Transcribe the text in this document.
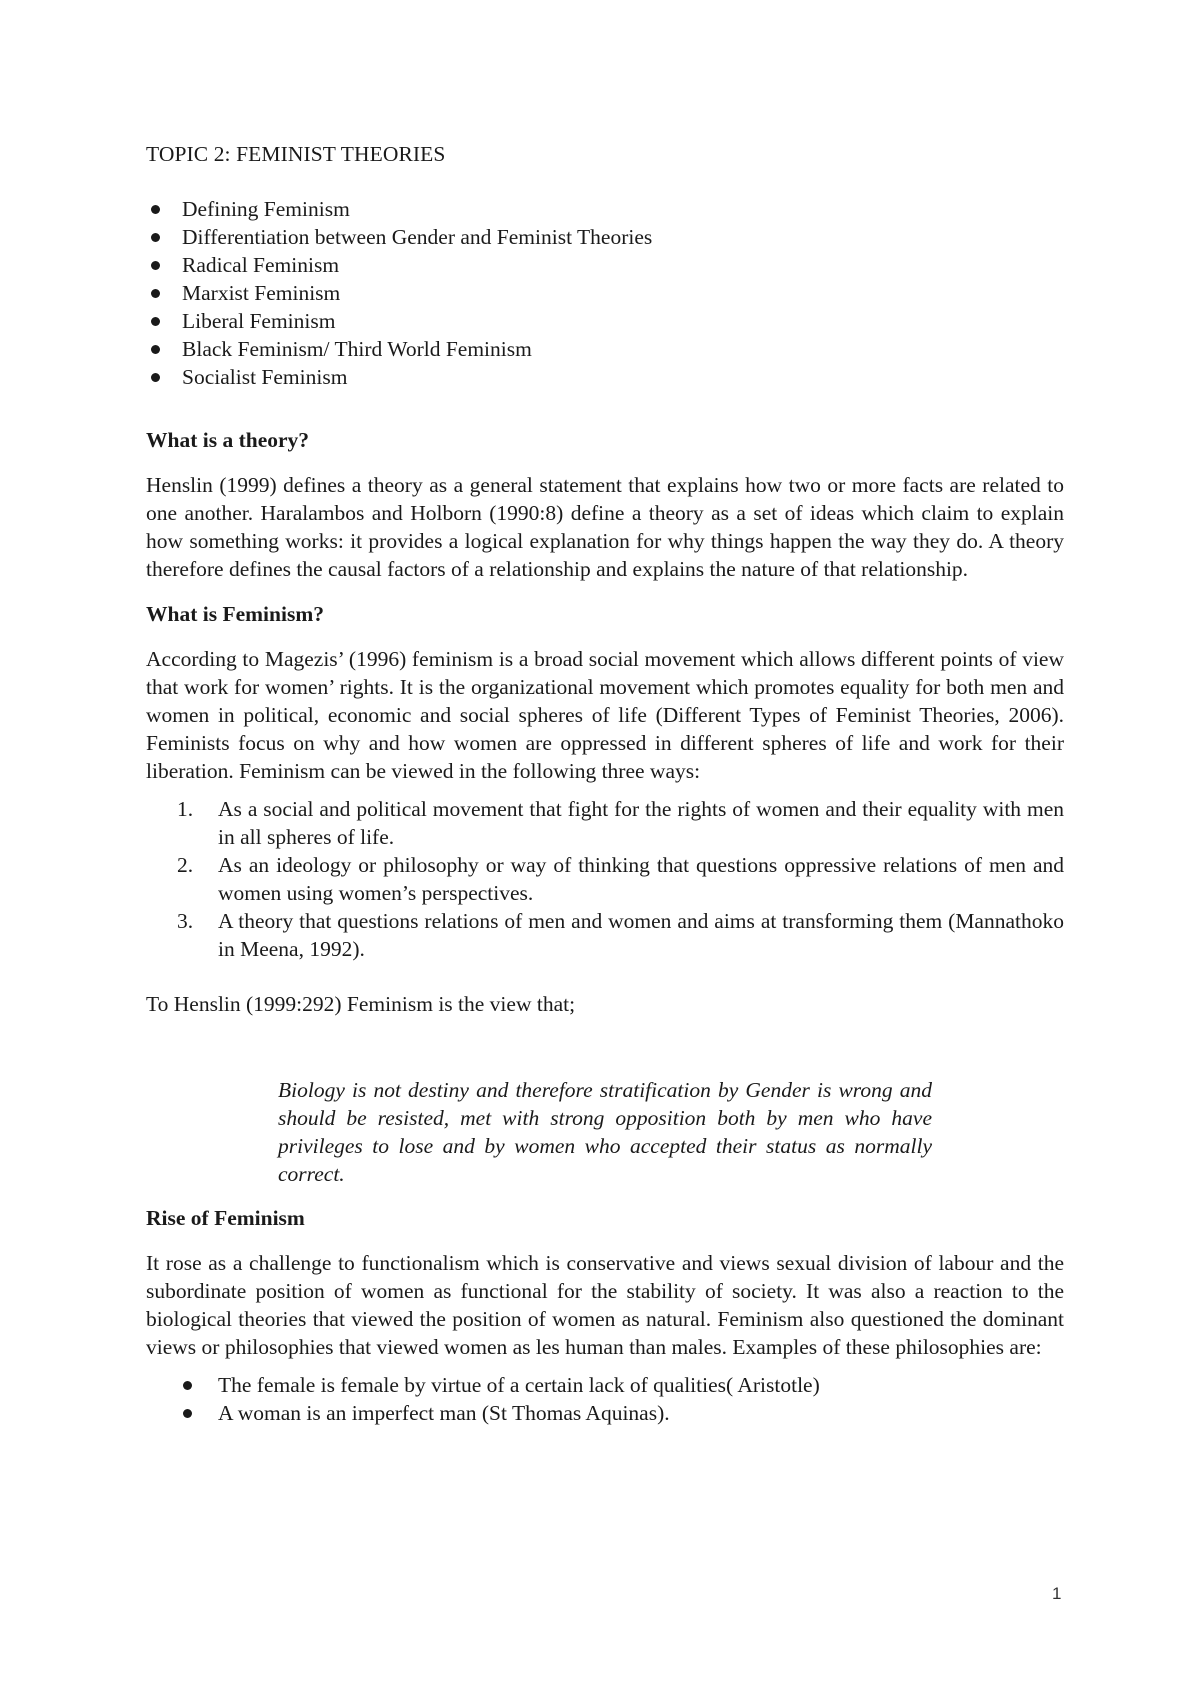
TOPIC 2: FEMINIST THEORIES
Defining Feminism
Differentiation between Gender and Feminist Theories
Radical Feminism
Marxist Feminism
Liberal Feminism
Black Feminism/ Third World Feminism
Socialist Feminism
What is a theory?

Henslin (1999) defines a theory as a general statement that explains how two or more facts are related to one another. Haralambos and Holborn (1990:8) define a theory as a set of ideas which claim to explain how something works: it provides a logical explanation for why things happen the way they do. A theory therefore defines the causal factors of a relationship and explains the nature of that relationship.

What is Feminism?

According to Magezis’ (1996) feminism is a broad social movement which allows different points of view that work for women’ rights. It is the organizational movement which promotes equality for both men and women in political, economic and social spheres of life (Different Types of Feminist Theories, 2006). Feminists focus on why and how women are oppressed in different spheres of life and work for their liberation. Feminism can be viewed in the following three ways:

1. As a social and political movement that fight for the rights of women and their equality with men in all spheres of life.
2. As an ideology or philosophy or way of thinking that questions oppressive relations of men and women using women’s perspectives.
3. A theory that questions relations of men and women and aims at transforming them (Mannathoko in Meena, 1992).

To Henslin (1999:292) Feminism is the view that;

Biology is not destiny and therefore stratification by Gender is wrong and should be resisted, met with strong opposition both by men who have privileges to lose and by women who accepted their status as normally correct.
Rise of Feminism

It rose as a challenge to functionalism which is conservative and views sexual division of labour and the subordinate position of women as functional for the stability of society. It was also a reaction to the biological theories that viewed the position of women as natural. Feminism also questioned the dominant views or philosophies that viewed women as les human than males. Examples of these philosophies are:

The female is female by virtue of a certain lack of qualities( Aristotle)
A woman is an imperfect man (St Thomas Aquinas).
1
